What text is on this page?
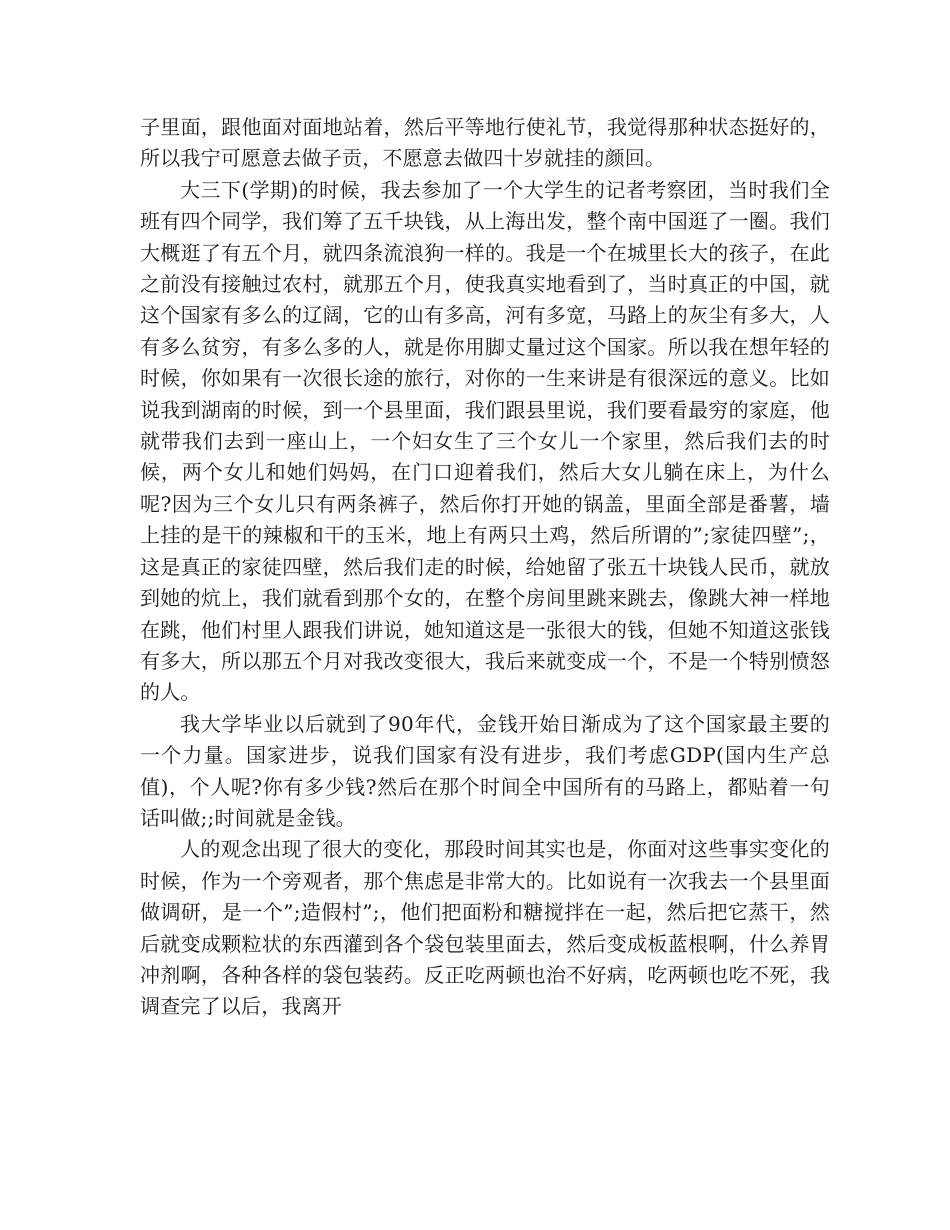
子里面，跟他面对面地站着，然后平等地行使礼节，我觉得那种状态挺好的，所以我宁可愿意去做子贡，不愿意去做四十岁就挂的颜回。

大三下(学期)的时候，我去参加了一个大学生的记者考察团，当时我们全班有四个同学，我们筹了五千块钱，从上海出发，整个南中国逛了一圈。我们大概逛了有五个月，就四条流浪狗一样的。我是一个在城里长大的孩子，在此之前没有接触过农村，就那五个月，使我真实地看到了，当时真正的中国，就这个国家有多么的辽阔，它的山有多高，河有多宽，马路上的灰尘有多大，人有多么贫穷，有多么多的人，就是你用脚丈量过这个国家。所以我在想年轻的时候，你如果有一次很长途的旅行，对你的一生来讲是有很深远的意义。比如说我到湖南的时候，到一个县里面，我们跟县里说，我们要看最穷的家庭，他就带我们去到一座山上，一个妇女生了三个女儿一个家里，然后我们去的时候，两个女儿和她们妈妈，在门口迎着我们，然后大女儿躺在床上，为什么呢?因为三个女儿只有两条裤子，然后你打开她的锅盖，里面全部是番薯，墙上挂的是干的辣椒和干的玉米，地上有两只土鸡，然后所谓的”;家徒四壁”;，这是真正的家徒四壁，然后我们走的时候，给她留了张五十块钱人民币，就放到她的炕上，我们就看到那个女的，在整个房间里跳来跳去，像跳大神一样地在跳，他们村里人跟我们讲说，她知道这是一张很大的钱，但她不知道这张钱有多大，所以那五个月对我改变很大，我后来就变成一个，不是一个特别愤怒的人。

我大学毕业以后就到了90年代，金钱开始日渐成为了这个国家最主要的一个力量。国家进步，说我们国家有没有进步，我们考虑GDP(国内生产总值)，个人呢?你有多少钱?然后在那个时间全中国所有的马路上，都贴着一句话叫做;;时间就是金钱。

人的观念出现了很大的变化，那段时间其实也是，你面对这些事实变化的时候，作为一个旁观者，那个焦虑是非常大的。比如说有一次我去一个县里面做调研，是一个”;造假村”;，他们把面粉和糖搅拌在一起，然后把它蒸干，然后就变成颗粒状的东西灌到各个袋包装里面去，然后变成板蓝根啊，什么养胃冲剂啊，各种各样的袋包装药。反正吃两顿也治不好病，吃两顿也吃不死，我调查完了以后，我离开
